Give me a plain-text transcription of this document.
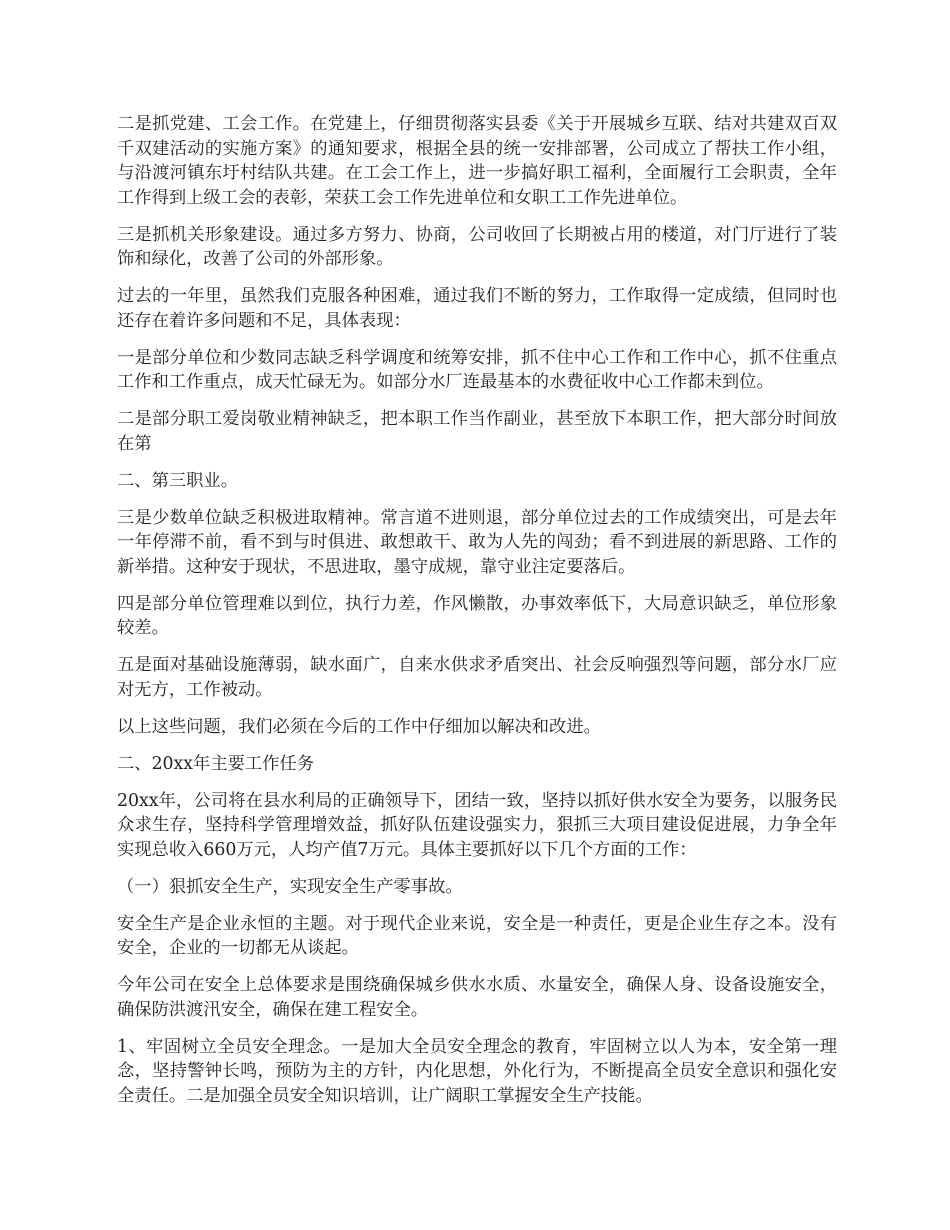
二是抓党建、工会工作。在党建上，仔细贯彻落实县委《关于开展城乡互联、结对共建双百双千双建活动的实施方案》的通知要求，根据全县的统一安排部署，公司成立了帮扶工作小组，与沿渡河镇东圩村结队共建。在工会工作上，进一步搞好职工福利，全面履行工会职责，全年工作得到上级工会的表彰，荣获工会工作先进单位和女职工工作先进单位。

三是抓机关形象建设。通过多方努力、协商，公司收回了长期被占用的楼道，对门厅进行了装饰和绿化，改善了公司的外部形象。

过去的一年里，虽然我们克服各种困难，通过我们不断的努力，工作取得一定成绩，但同时也还存在着许多问题和不足，具体表现：

一是部分单位和少数同志缺乏科学调度和统筹安排，抓不住中心工作和工作中心，抓不住重点工作和工作重点，成天忙碌无为。如部分水厂连最基本的水费征收中心工作都未到位。

二是部分职工爱岗敬业精神缺乏，把本职工作当作副业，甚至放下本职工作，把大部分时间放在第

二、第三职业。

三是少数单位缺乏积极进取精神。常言道不进则退，部分单位过去的工作成绩突出，可是去年一年停滞不前，看不到与时俱进、敢想敢干、敢为人先的闯劲；看不到进展的新思路、工作的新举措。这种安于现状，不思进取，墨守成规，靠守业注定要落后。

四是部分单位管理难以到位，执行力差，作风懒散，办事效率低下，大局意识缺乏，单位形象较差。

五是面对基础设施薄弱，缺水面广，自来水供求矛盾突出、社会反响强烈等问题，部分水厂应对无方，工作被动。

以上这些问题，我们必须在今后的工作中仔细加以解决和改进。

二、20xx年主要工作任务

20xx年，公司将在县水利局的正确领导下，团结一致，坚持以抓好供水安全为要务，以服务民众求生存，坚持科学管理增效益，抓好队伍建设强实力，狠抓三大项目建设促进展，力争全年实现总收入660万元，人均产值7万元。具体主要抓好以下几个方面的工作：

（一）狠抓安全生产，实现安全生产零事故。

安全生产是企业永恒的主题。对于现代企业来说，安全是一种责任，更是企业生存之本。没有安全，企业的一切都无从谈起。

今年公司在安全上总体要求是围绕确保城乡供水水质、水量安全，确保人身、设备设施安全，确保防洪渡汛安全，确保在建工程安全。

1、牢固树立全员安全理念。一是加大全员安全理念的教育，牢固树立以人为本，安全第一理念，坚持警钟长鸣，预防为主的方针，内化思想，外化行为，不断提高全员安全意识和强化安全责任。二是加强全员安全知识培训，让广阔职工掌握安全生产技能。
